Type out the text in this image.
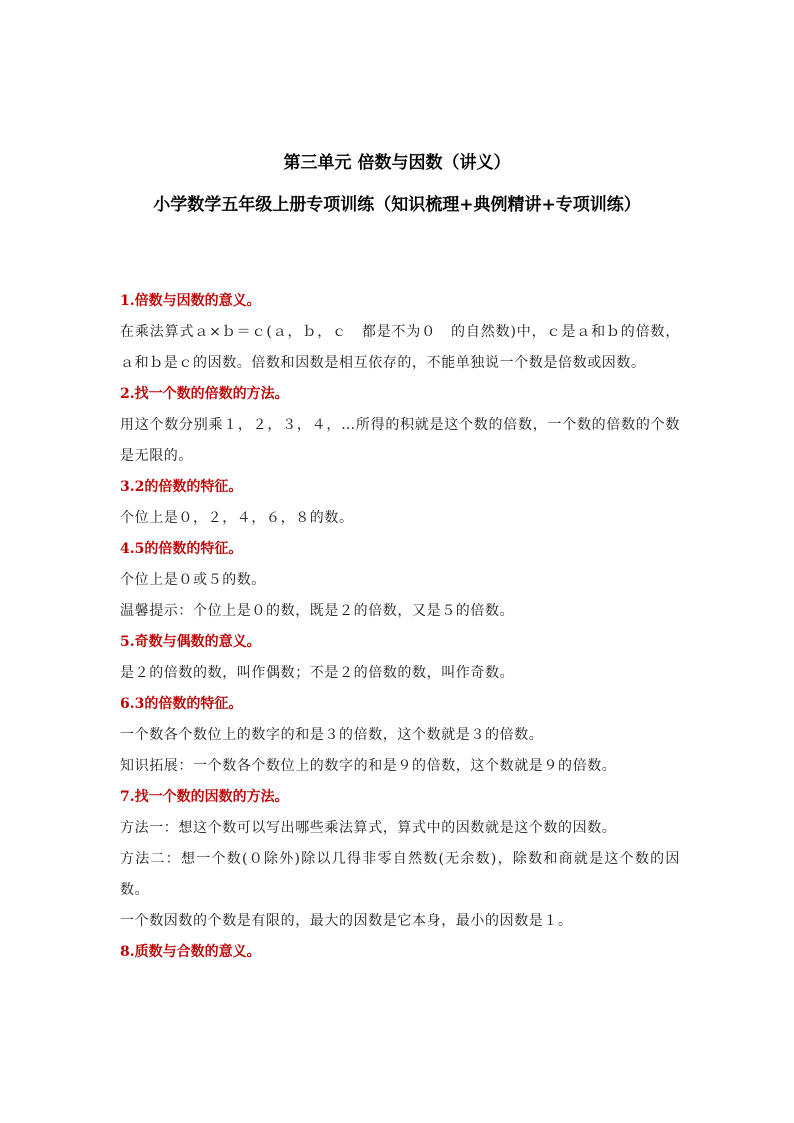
第三单元 倍数与因数（讲义）
小学数学五年级上册专项训练（知识梳理+典例精讲+专项训练）

1.倍数与因数的意义。

在乘法算式ａ×ｂ＝ｃ(ａ，ｂ，ｃ　都是不为０　的自然数)中，ｃ是ａ和ｂ的倍数，ａ和ｂ是ｃ的因数。倍数和因数是相互依存的，不能单独说一个数是倍数或因数。

2.找一个数的倍数的方法。

用这个数分别乘１，２，３，４，…所得的积就是这个数的倍数，一个数的倍数的个数是无限的。

3.2的倍数的特征。

个位上是０，２，４，６，８的数。

4.5的倍数的特征。

个位上是０或５的数。

温馨提示：个位上是０的数，既是２的倍数，又是５的倍数。

5.奇数与偶数的意义。

是２的倍数的数，叫作偶数；不是２的倍数的数，叫作奇数。

6.3的倍数的特征。

一个数各个数位上的数字的和是３的倍数，这个数就是３的倍数。

知识拓展：一个数各个数位上的数字的和是９的倍数，这个数就是９的倍数。

7.找一个数的因数的方法。

方法一：想这个数可以写出哪些乘法算式，算式中的因数就是这个数的因数。

方法二：想一个数(０除外)除以几得非零自然数(无余数)，除数和商就是这个数的因数。

一个数因数的个数是有限的，最大的因数是它本身，最小的因数是１。

8.质数与合数的意义。
